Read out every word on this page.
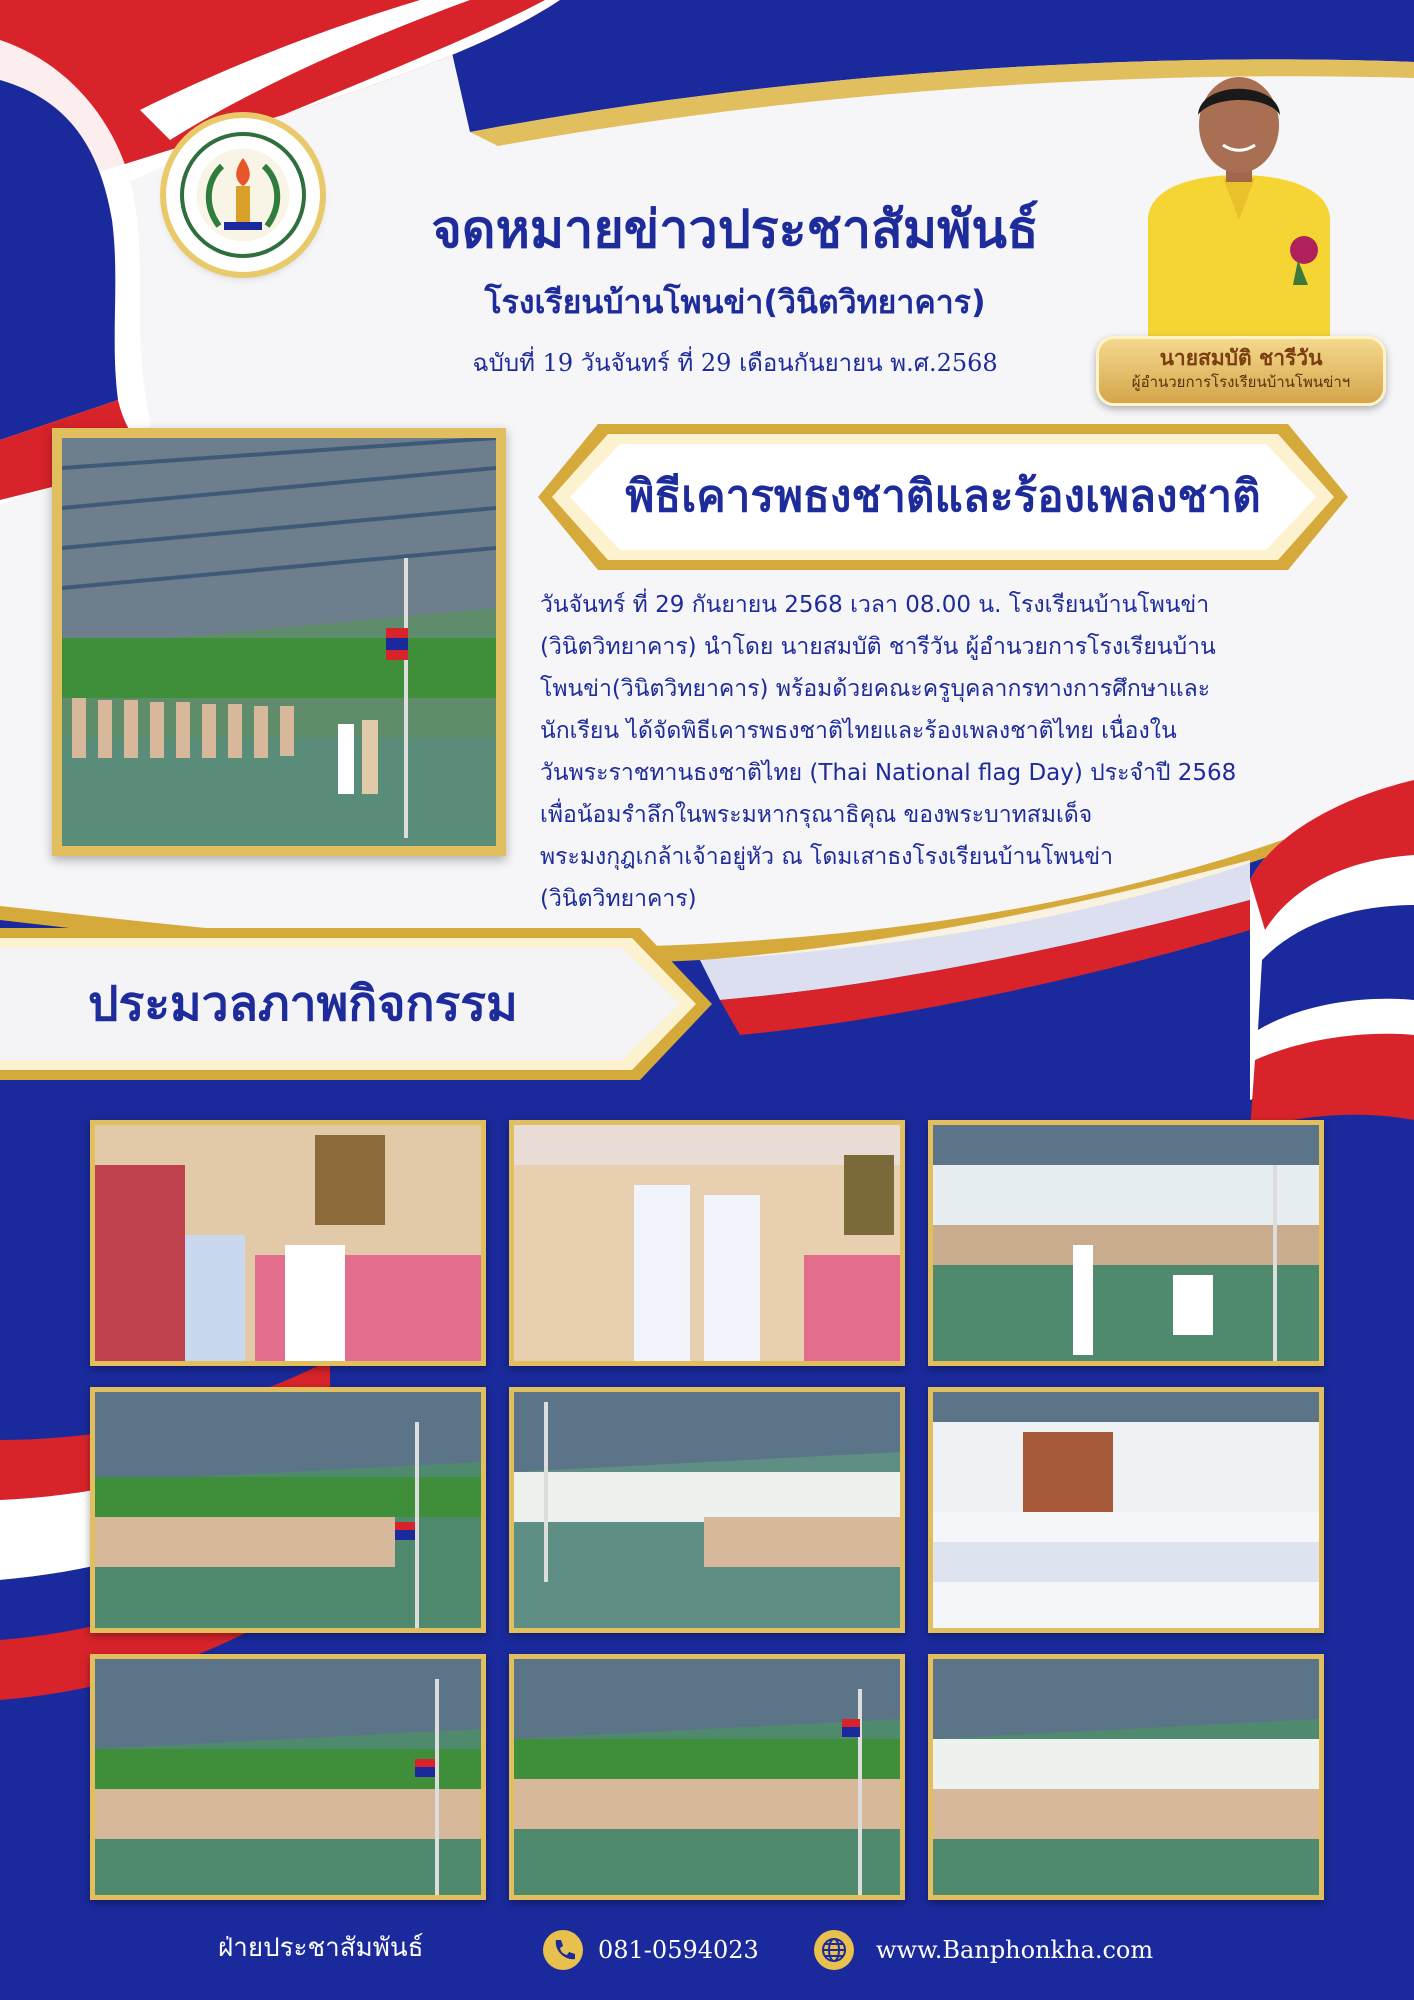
จดหมายข่าวประชาสัมพันธ์
โรงเรียนบ้านโพนข่า(วินิตวิทยาคาร)
ฉบับที่ 19 วันจันทร์ ที่ 29 เดือนกันยายน พ.ศ.2568	นายสมบัติ ชารีวัน
ผู้อำนวยการโรงเรียนบ้านโพนข่าฯ
พิธีเคารพธงชาติและร้องเพลงชาติ
วันจันทร์ ที่ 29 กันยายน 2568 เวลา 08.00 น. โรงเรียนบ้านโพนข่า
(วินิตวิทยาคาร) นำโดย นายสมบัติ ชารีวัน ผู้อำนวยการโรงเรียนบ้าน
โพนข่า(วินิตวิทยาคาร) พร้อมด้วยคณะครูบุคลากรทางการศึกษาและ
นักเรียน ได้จัดพิธีเคารพธงชาติไทยและร้องเพลงชาติไทย เนื่องใน
วันพระราชทานธงชาติไทย (Thai National flag Day) ประจำปี 2568
เพื่อน้อมรำลึกในพระมหากรุณาธิคุณ ของพระบาทสมเด็จ
พระมงกุฎเกล้าเจ้าอยู่หัว ณ โดมเสาธงโรงเรียนบ้านโพนข่า
(วินิตวิทยาคาร)
ประมวลภาพกิจกรรม
ฝ่ายประชาสัมพันธ์	081-0594023	www.Banphonkha.com
